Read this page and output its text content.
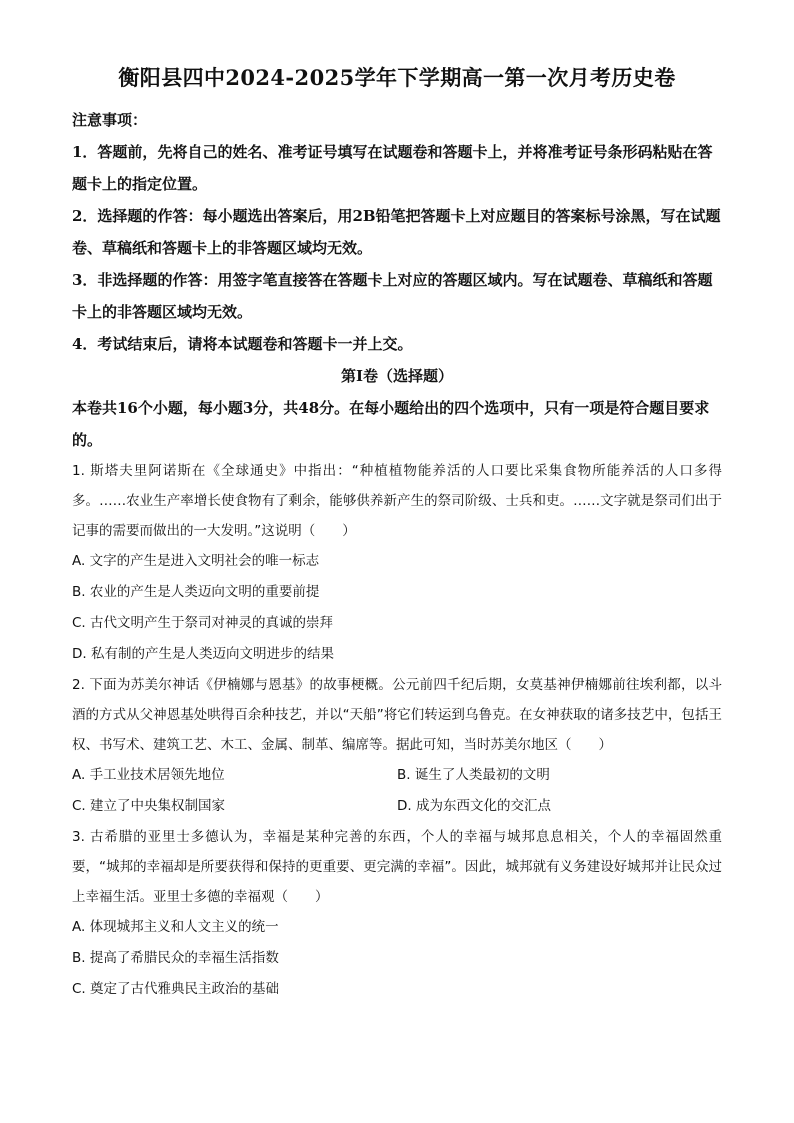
衡阳县四中2024-2025学年下学期高一第一次月考历史卷
注意事项：
1．答题前，先将自己的姓名、准考证号填写在试题卷和答题卡上，并将准考证号条形码粘贴在答题卡上的指定位置。
2．选择题的作答：每小题选出答案后，用2B铅笔把答题卡上对应题目的答案标号涂黑，写在试题卷、草稿纸和答题卡上的非答题区域均无效。
3．非选择题的作答：用签字笔直接答在答题卡上对应的答题区域内。写在试题卷、草稿纸和答题卡上的非答题区域均无效。
4．考试结束后，请将本试题卷和答题卡一并上交。
第Ⅰ卷（选择题）
本卷共16个小题，每小题3分，共48分。在每小题给出的四个选项中，只有一项是符合题目要求的。
1. 斯塔夫里阿诺斯在《全球通史》中指出：“种植植物能养活的人口要比采集食物所能养活的人口多得多。……农业生产率增长使食物有了剩余，能够供养新产生的祭司阶级、士兵和吏。……文字就是祭司们出于记事的需要而做出的一大发明。”这说明（　　）
A. 文字的产生是进入文明社会的唯一标志
B. 农业的产生是人类迈向文明的重要前提
C. 古代文明产生于祭司对神灵的真诚的崇拜
D. 私有制的产生是人类迈向文明进步的结果
2. 下面为苏美尔神话《伊楠娜与恩基》的故事梗概。公元前四千纪后期，女莫基神伊楠娜前往埃利都，以斗酒的方式从父神恩基处哄得百余种技艺，并以“天船”将它们转运到乌鲁克。在女神获取的诸多技艺中，包括王权、书写术、建筑工艺、木工、金属、制革、编席等。据此可知，当时苏美尔地区（　　）
A. 手工业技术居领先地位	B. 诞生了人类最初的文明
C. 建立了中央集权制国家	D. 成为东西文化的交汇点
3. 古希腊的亚里士多德认为，幸福是某种完善的东西，个人的幸福与城邦息息相关，个人的幸福固然重要，“城邦的幸福却是所要获得和保持的更重要、更完满的幸福”。因此，城邦就有义务建设好城邦并让民众过上幸福生活。亚里士多德的幸福观（　　）
A. 体现城邦主义和人文主义的统一
B. 提高了希腊民众的幸福生活指数
C. 奠定了古代雅典民主政治的基础
